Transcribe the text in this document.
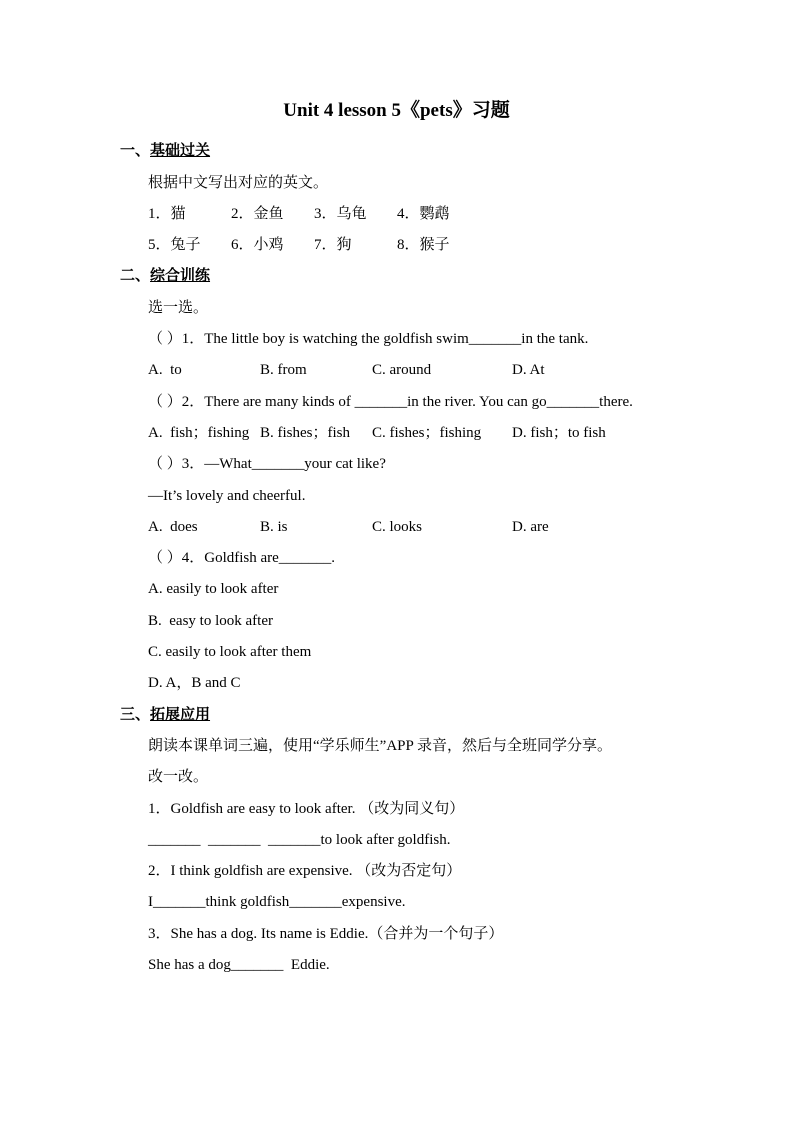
Unit 4 lesson 5《pets》习题
一、基础过关
根据中文写出对应的英文。
1．猫	2．金鱼 3．乌龟 4．鹦鹉
5．兔子 6．小鸡 7．狗	8．猴子
二、综合训练
选一选。
（ ）1．The little boy is watching the goldfish swim_______in the tank.
A.  to	B. from	C. around	D. At
（ ）2．There are many kinds of _______in the river. You can go_______there.
A.  fish；fishing B. fishes；fish C. fishes；fishing D. fish；to fish
（ ）3．—What_______your cat like?
—It’s lovely and cheerful.
A.  does	B. is	C. looks	D. are
（ ）4．Goldfish are_______.
A. easily to look after
B.  easy to look after
C. easily to look after them
D. A，B and C
三、拓展应用
朗读本课单词三遍，使用“学乐师生”APP 录音，然后与全班同学分享。
改一改。
1．Goldfish are easy to look after. （改为同义句）
_______  _______  _______to look after goldfish.
2．I think goldfish are expensive. （改为否定句）
I_______think goldfish_______expensive.
3．She has a dog. Its name is Eddie.（合并为一个句子）
She has a dog_______  Eddie.
